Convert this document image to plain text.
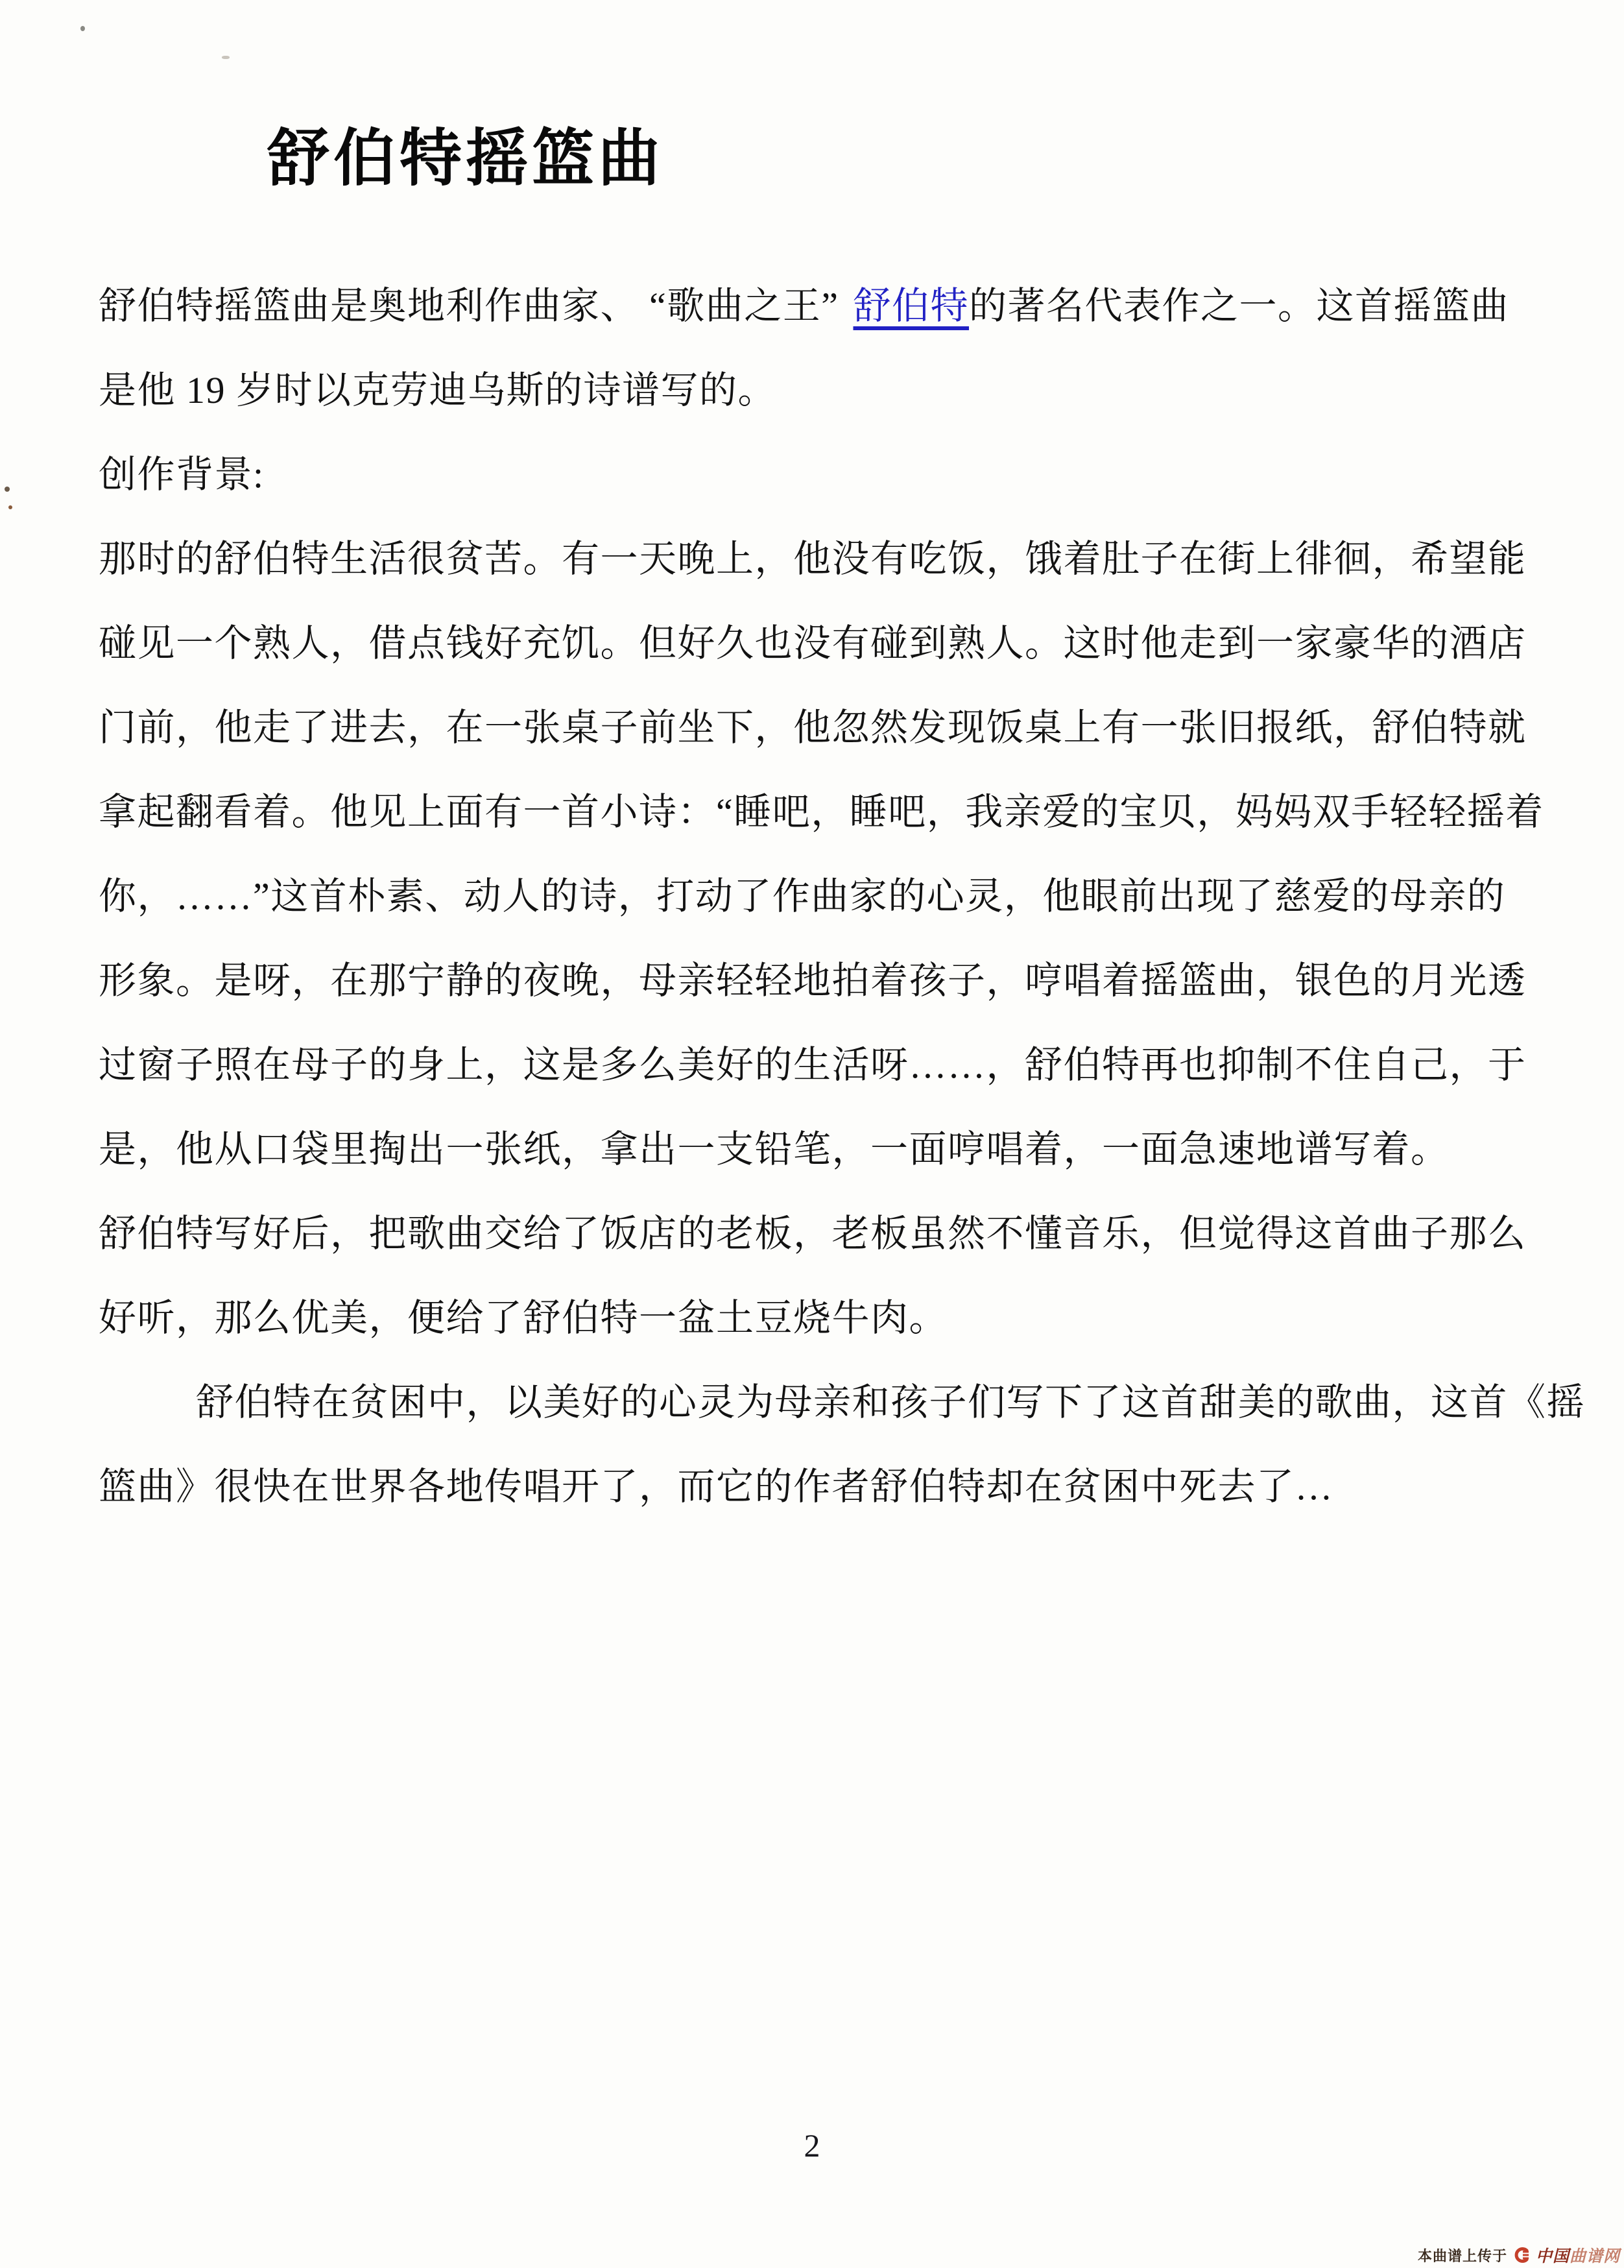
舒伯特摇篮曲
舒伯特摇篮曲是奥地利作曲家、 “歌曲之王” 舒伯特的著名代表作之一。这首摇篮曲
是他 19 岁时以克劳迪乌斯的诗谱写的。
创作背景:
那时的舒伯特生活很贫苦。有一天晚上，他没有吃饭，饿着肚子在街上徘徊，希望能
碰见一个熟人，借点钱好充饥。但好久也没有碰到熟人。这时他走到一家豪华的酒店
门前，他走了进去，在一张桌子前坐下，他忽然发现饭桌上有一张旧报纸，舒伯特就
拿起翻看着。他见上面有一首小诗：“睡吧，睡吧，我亲爱的宝贝，妈妈双手轻轻摇着
你，……”这首朴素、动人的诗，打动了作曲家的心灵，他眼前出现了慈爱的母亲的
形象。是呀，在那宁静的夜晚，母亲轻轻地拍着孩子，哼唱着摇篮曲，银色的月光透
过窗子照在母子的身上，这是多么美好的生活呀……，舒伯特再也抑制不住自己，于
是，他从口袋里掏出一张纸，拿出一支铅笔，一面哼唱着，一面急速地谱写着。
舒伯特写好后，把歌曲交给了饭店的老板，老板虽然不懂音乐，但觉得这首曲子那么
好听，那么优美，便给了舒伯特一盆土豆烧牛肉。
舒伯特在贫困中，以美好的心灵为母亲和孩子们写下了这首甜美的歌曲，这首《摇
篮曲》很快在世界各地传唱开了，而它的作者舒伯特却在贫困中死去了…
2
本曲谱上传于 中国曲谱网
